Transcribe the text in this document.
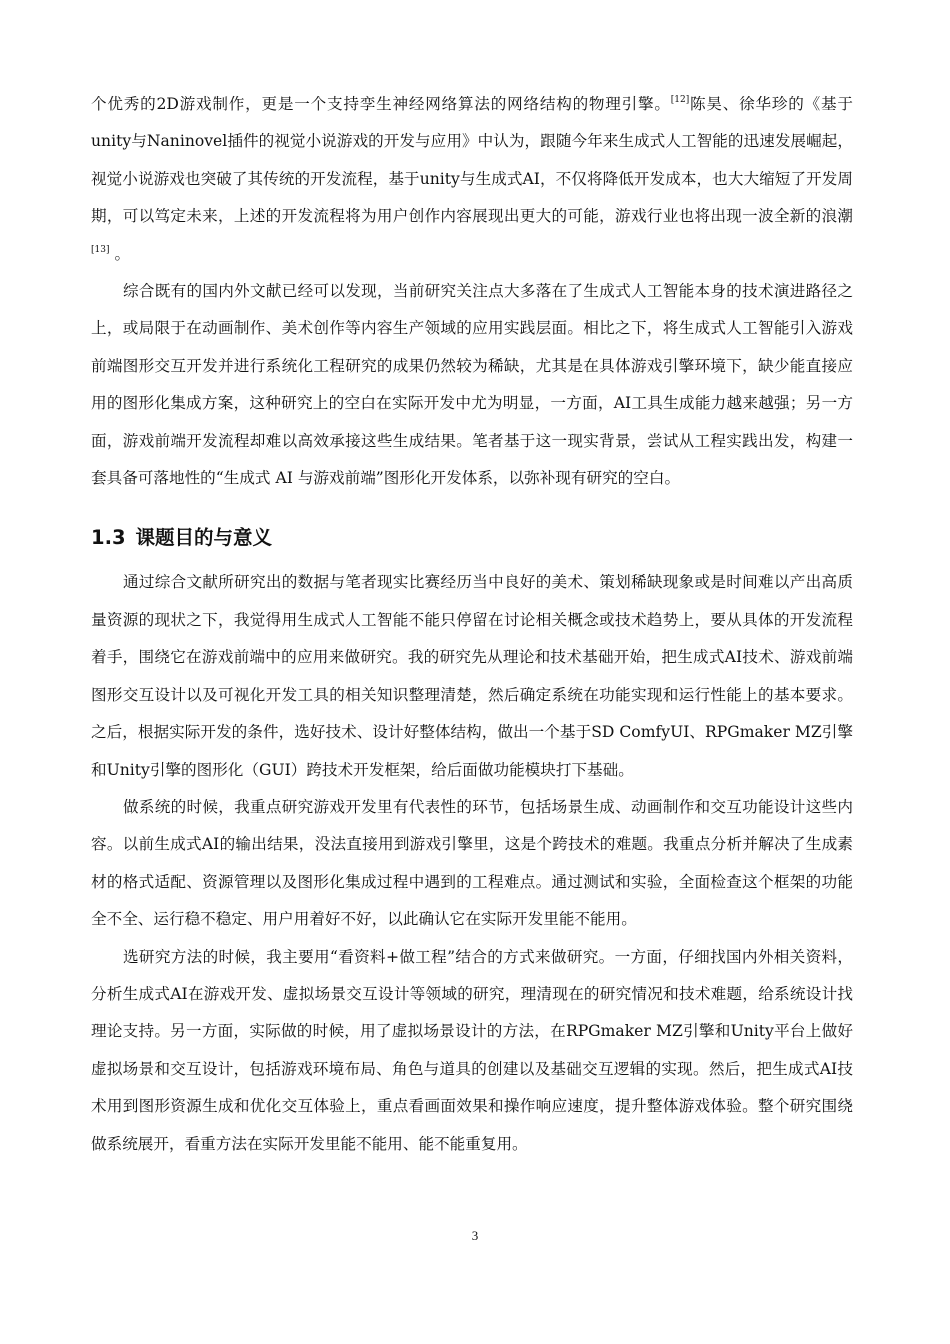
个优秀的2D游戏制作，更是一个支持孪生神经网络算法的网络结构的物理引擎。[12]陈昊、徐华珍的《基于unity与Naninovel插件的视觉小说游戏的开发与应用》中认为，跟随今年来生成式人工智能的迅速发展崛起，视觉小说游戏也突破了其传统的开发流程，基于unity与生成式AI，不仅将降低开发成本，也大大缩短了开发周期，可以笃定未来，上述的开发流程将为用户创作内容展现出更大的可能，游戏行业也将出现一波全新的浪潮[13] 。

综合既有的国内外文献已经可以发现，当前研究关注点大多落在了生成式人工智能本身的技术演进路径之上，或局限于在动画制作、美术创作等内容生产领域的应用实践层面。相比之下，将生成式人工智能引入游戏前端图形交互开发并进行系统化工程研究的成果仍然较为稀缺，尤其是在具体游戏引擎环境下，缺少能直接应用的图形化集成方案，这种研究上的空白在实际开发中尤为明显，一方面，AI工具生成能力越来越强；另一方面，游戏前端开发流程却难以高效承接这些生成结果。笔者基于这一现实背景，尝试从工程实践出发，构建一套具备可落地性的“生成式 AI 与游戏前端”图形化开发体系，以弥补现有研究的空白。

1.3 课题目的与意义

通过综合文献所研究出的数据与笔者现实比赛经历当中良好的美术、策划稀缺现象或是时间难以产出高质量资源的现状之下，我觉得用生成式人工智能不能只停留在讨论相关概念或技术趋势上，要从具体的开发流程着手，围绕它在游戏前端中的应用来做研究。我的研究先从理论和技术基础开始，把生成式AI技术、游戏前端图形交互设计以及可视化开发工具的相关知识整理清楚，然后确定系统在功能实现和运行性能上的基本要求。之后，根据实际开发的条件，选好技术、设计好整体结构，做出一个基于SD ComfyUI、RPGmaker MZ引擎和Unity引擎的图形化（GUI）跨技术开发框架，给后面做功能模块打下基础。

做系统的时候，我重点研究游戏开发里有代表性的环节，包括场景生成、动画制作和交互功能设计这些内容。以前生成式AI的输出结果，没法直接用到游戏引擎里，这是个跨技术的难题。我重点分析并解决了生成素材的格式适配、资源管理以及图形化集成过程中遇到的工程难点。通过测试和实验，全面检查这个框架的功能全不全、运行稳不稳定、用户用着好不好，以此确认它在实际开发里能不能用。

选研究方法的时候，我主要用“看资料+做工程”结合的方式来做研究。一方面，仔细找国内外相关资料，分析生成式AI在游戏开发、虚拟场景交互设计等领域的研究，理清现在的研究情况和技术难题，给系统设计找理论支持。另一方面，实际做的时候，用了虚拟场景设计的方法，在RPGmaker MZ引擎和Unity平台上做好虚拟场景和交互设计，包括游戏环境布局、角色与道具的创建以及基础交互逻辑的实现。然后，把生成式AI技术用到图形资源生成和优化交互体验上，重点看画面效果和操作响应速度，提升整体游戏体验。整个研究围绕做系统展开，看重方法在实际开发里能不能用、能不能重复用。

3
